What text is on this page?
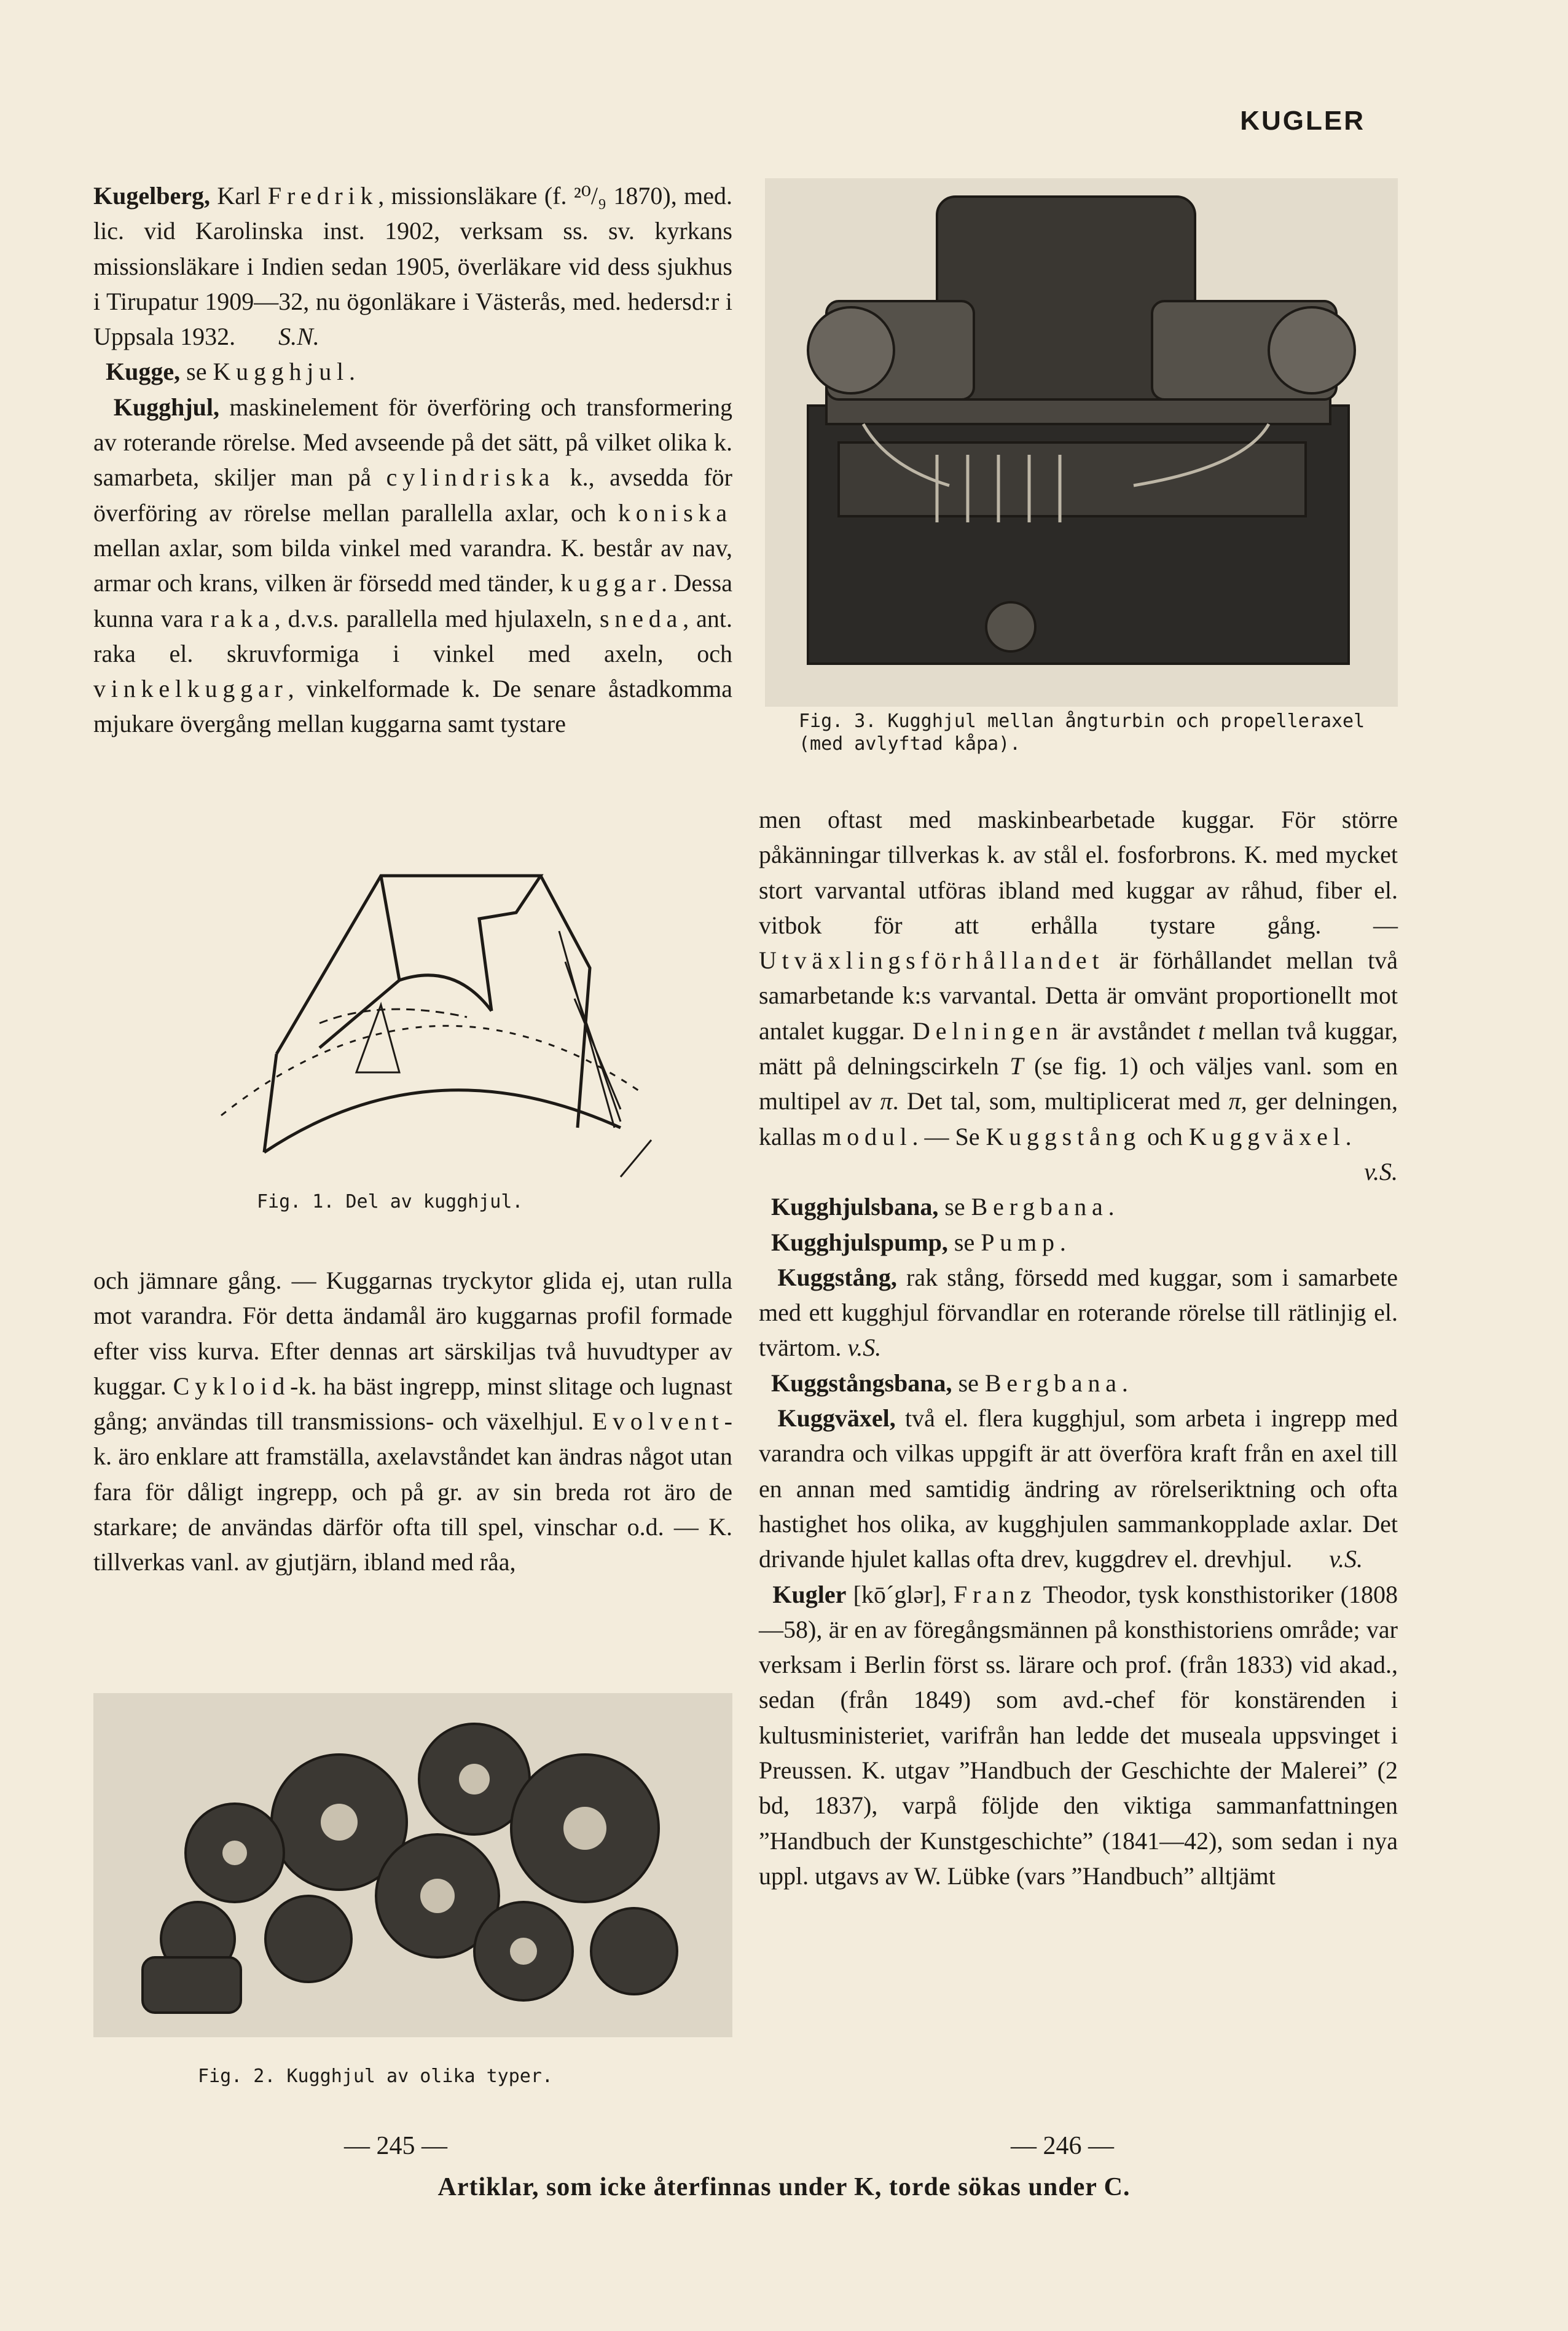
KUGLER

Kugelberg, Karl Fredrik, missionsläkare (f. ²⁰/₉ 1870), med. lic. vid Karolinska inst. 1902, verksam ss. sv. kyrkans missionsläkare i Indien sedan 1905, överläkare vid dess sjukhus i Tirupatur 1909—32, nu ögonläkare i Västerås, med. hedersd:r i Uppsala 1932. S.N.

Kugge, se Kugghjul.

Kugghjul, maskinelement för överföring och transformering av roterande rörelse. Med avseende på det sätt, på vilket olika k. samarbeta, skiljer man på cylindriska k., avsedda för överföring av rörelse mellan parallella axlar, och koniska mellan axlar, som bilda vinkel med varandra. K. består av nav, armar och krans, vilken är försedd med tänder, kuggar. Dessa kunna vara raka, d.v.s. parallella med hjulaxeln, sneda, ant. raka el. skruvformiga i vinkel med axeln, och vinkelkuggar, vinkelformade k. De senare åstadkomma mjukare övergång mellan kuggarna samt tystare

Fig. 1. Del av kugghjul.

och jämnare gång. — Kuggarnas tryckytor glida ej, utan rulla mot varandra. För detta ändamål äro kuggarnas profil formade efter viss kurva. Efter dennas art särskiljas två huvudtyper av kuggar. Cykloid-k. ha bäst ingrepp, minst slitage och lugnast gång; användas till transmissions- och växelhjul. Evolvent-k. äro enklare att framställa, axelavståndet kan ändras något utan fara för dåligt ingrepp, och på gr. av sin breda rot äro de starkare; de användas därför ofta till spel, vinschar o.d. — K. tillverkas vanl. av gjutjärn, ibland med råa,

Fig. 2. Kugghjul av olika typer.
Fig. 3. Kugghjul mellan ångturbin och propelleraxel (med avlyftad kåpa).

men oftast med maskinbearbetade kuggar. För större påkänningar tillverkas k. av stål el. fosforbrons. K. med mycket stort varvantal utföras ibland med kuggar av råhud, fiber el. vitbok för att erhålla tystare gång. — Utväxlingsförhållandet är förhållandet mellan två samarbetande k:s varvantal. Detta är omvänt proportionellt mot antalet kuggar. Delningen är avståndet t mellan två kuggar, mätt på delningscirkeln T (se fig. 1) och väljes vanl. som en multipel av π. Det tal, som, multiplicerat med π, ger delningen, kallas modul. — Se Kuggstång och Kuggväxel.

v.S.

Kugghjulsbana, se Bergbana.

Kugghjulspump, se Pump.

Kuggstång, rak stång, försedd med kuggar, som i samarbete med ett kugghjul förvandlar en roterande rörelse till rätlinjig el. tvärtom. v.S.

Kuggstångsbana, se Bergbana.

Kuggväxel, två el. flera kugghjul, som arbeta i ingrepp med varandra och vilkas uppgift är att överföra kraft från en axel till en annan med samtidig ändring av rörelseriktning och ofta hastighet hos olika, av kugghjulen sammankopplade axlar. Det drivande hjulet kallas ofta drev, kuggdrev el. drevhjul. v.S.

Kugler [kō´glər], Franz Theodor, tysk konsthistoriker (1808—58), är en av föregångsmännen på konsthistoriens område; var verksam i Berlin först ss. lärare och prof. (från 1833) vid akad., sedan (från 1849) som avd.-chef för konstärenden i kultusministeriet, varifrån han ledde det museala uppsvinget i Preussen. K. utgav ”Handbuch der Geschichte der Malerei” (2 bd, 1837), varpå följde den viktiga sammanfattningen ”Handbuch der Kunstgeschichte” (1841—42), som sedan i nya uppl. utgavs av W. Lübke (vars ”Handbuch” alltjämt

— 245 —	— 246 —
Artiklar, som icke återfinnas under K, torde sökas under C.
